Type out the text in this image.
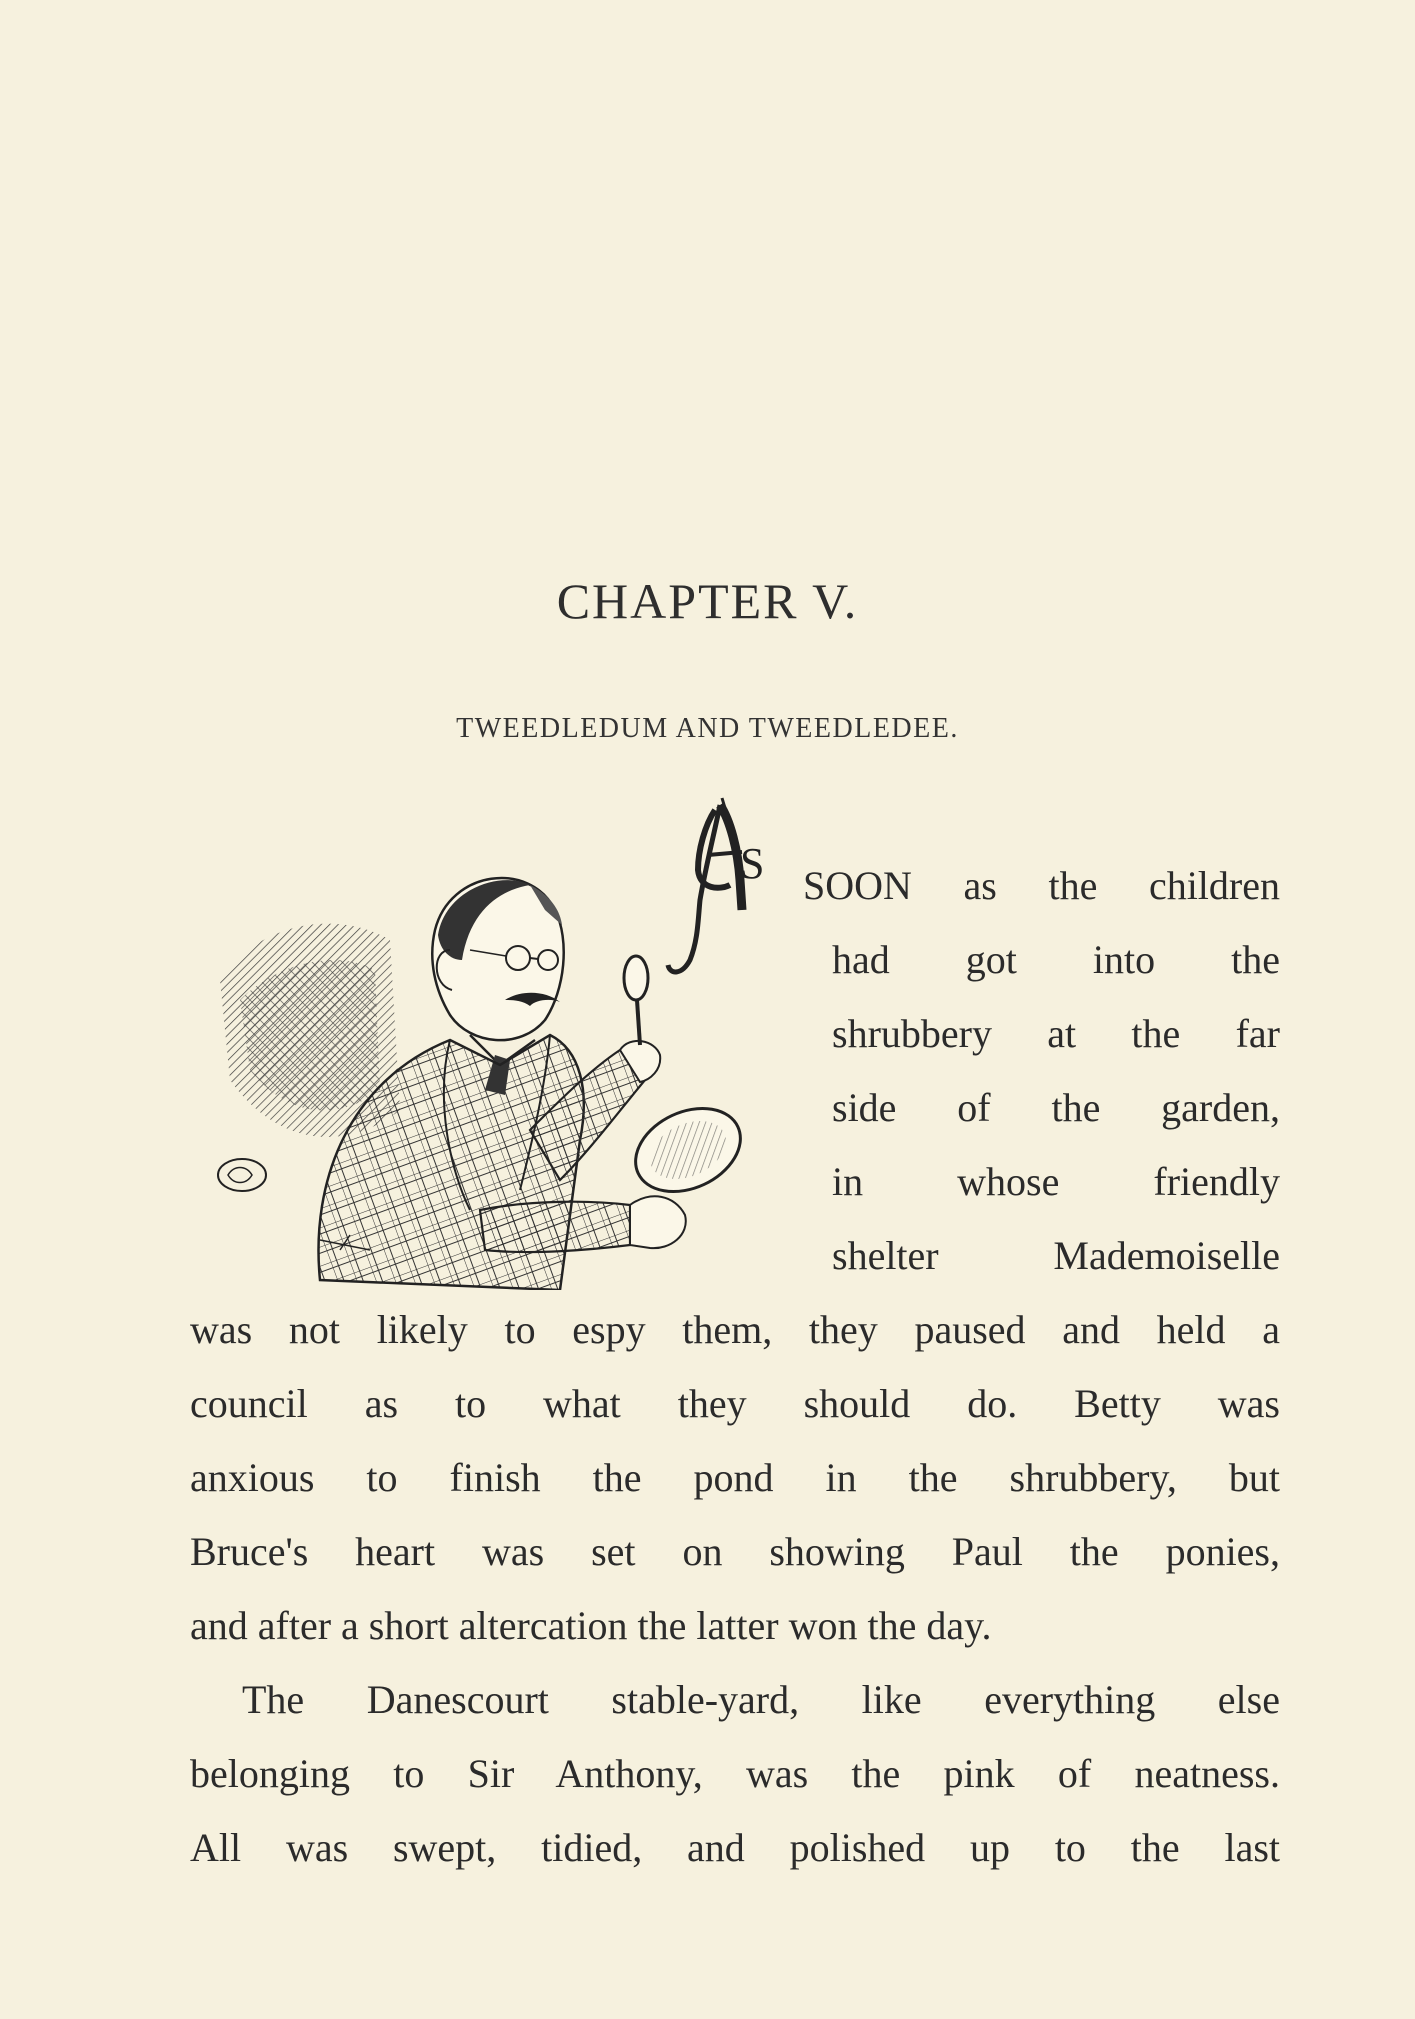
CHAPTER V.
TWEEDLEDUM AND TWEEDLEDEE.
S SOON as the children
had got into the
shrubbery at the far
side of the garden,
in whose friendly
shelter Mademoiselle
was not likely to espy them, they paused and held a
council as to what they should do. Betty was
anxious to finish the pond in the shrubbery, but
Bruce's heart was set on showing Paul the ponies,
and after a short altercation the latter won the day.
The Danescourt stable-yard, like everything else
belonging to Sir Anthony, was the pink of neatness.
All was swept, tidied, and polished up to the last
